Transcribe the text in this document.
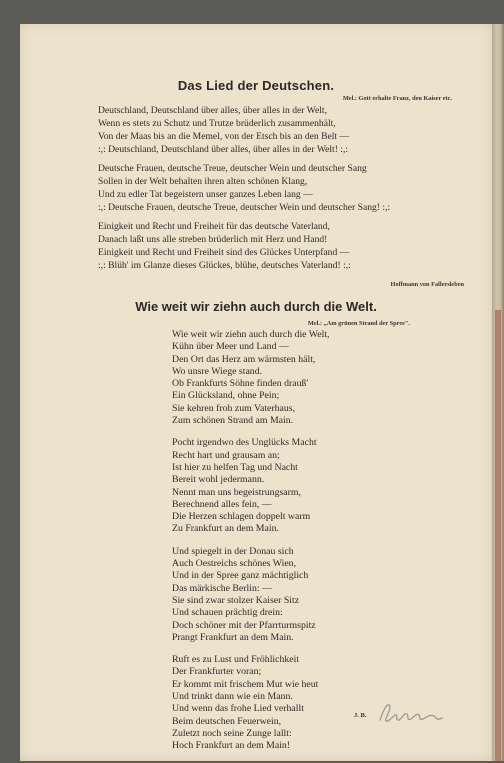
Das Lied der Deutschen.
Mel.: Gott erhalte Franz, den Kaiser etc.
Deutschland, Deutschland über alles, über alles in der Welt,
Wenn es stets zu Schutz und Trutze brüderlich zusammenhält,
Von der Maas bis an die Memel, von der Etsch bis an den Belt —
:,: Deutschland, Deutschland über alles, über alles in der Welt! :,:
Deutsche Frauen, deutsche Treue, deutscher Wein und deutscher Sang
Sollen in der Welt behalten ihren alten schönen Klang,
Und zu edler Tat begeistern unser ganzes Leben lang —
:,: Deutsche Frauen, deutsche Treue, deutscher Wein und deutscher Sang! :,:
Einigkeit und Recht und Freiheit für das deutsche Vaterland,
Danach laßt uns alle streben brüderlich mit Herz und Hand!
Einigkeit und Recht und Freiheit sind des Glückes Unterpfand —
:,: Blüh' im Glanze dieses Glückes, blühe, deutsches Vaterland! :,:
Hoffmann von Fallersleben
Wie weit wir ziehn auch durch die Welt.
Mel.: „Am grünen Strand der Spree".
Wie weit wir ziehn auch durch die Welt,
Kühn über Meer und Land —
Den Ort das Herz am wärmsten hält,
Wo unsre Wiege stand.
Ob Frankfurts Söhne finden drauß'
Ein Glücksland, ohne Pein;
Sie kehren froh zum Vaterhaus,
Zum schönen Strand am Main.
Pocht irgendwo des Unglücks Macht
Recht hart und grausam an;
Ist hier zu helfen Tag und Nacht
Bereit wohl jedermann.
Nennt man uns begeistrungsarm,
Berechnend alles fein, —
Die Herzen schlagen doppelt warm
Zu Frankfurt an dem Main.
Und spiegelt in der Donau sich
Auch Oestreichs schönes Wien,
Und in der Spree ganz mächtiglich
Das märkische Berlin: —
Sie sind zwar stolzer Kaiser Sitz
Und schauen prächtig drein:
Doch schöner mit der Pfarrturmspitz
Prangt Frankfurt an dem Main.
Ruft es zu Lust und Fröhlichkeit
Der Frankfurter voran;
Er kommt mit frischem Mut wie heut
Und trinkt dann wie ein Mann.
Und wenn das frohe Lied verhallt
Beim deutschen Feuerwein,
Zuletzt noch seine Zunge lallt:
Hoch Frankfurt an dem Main!
J. B.
